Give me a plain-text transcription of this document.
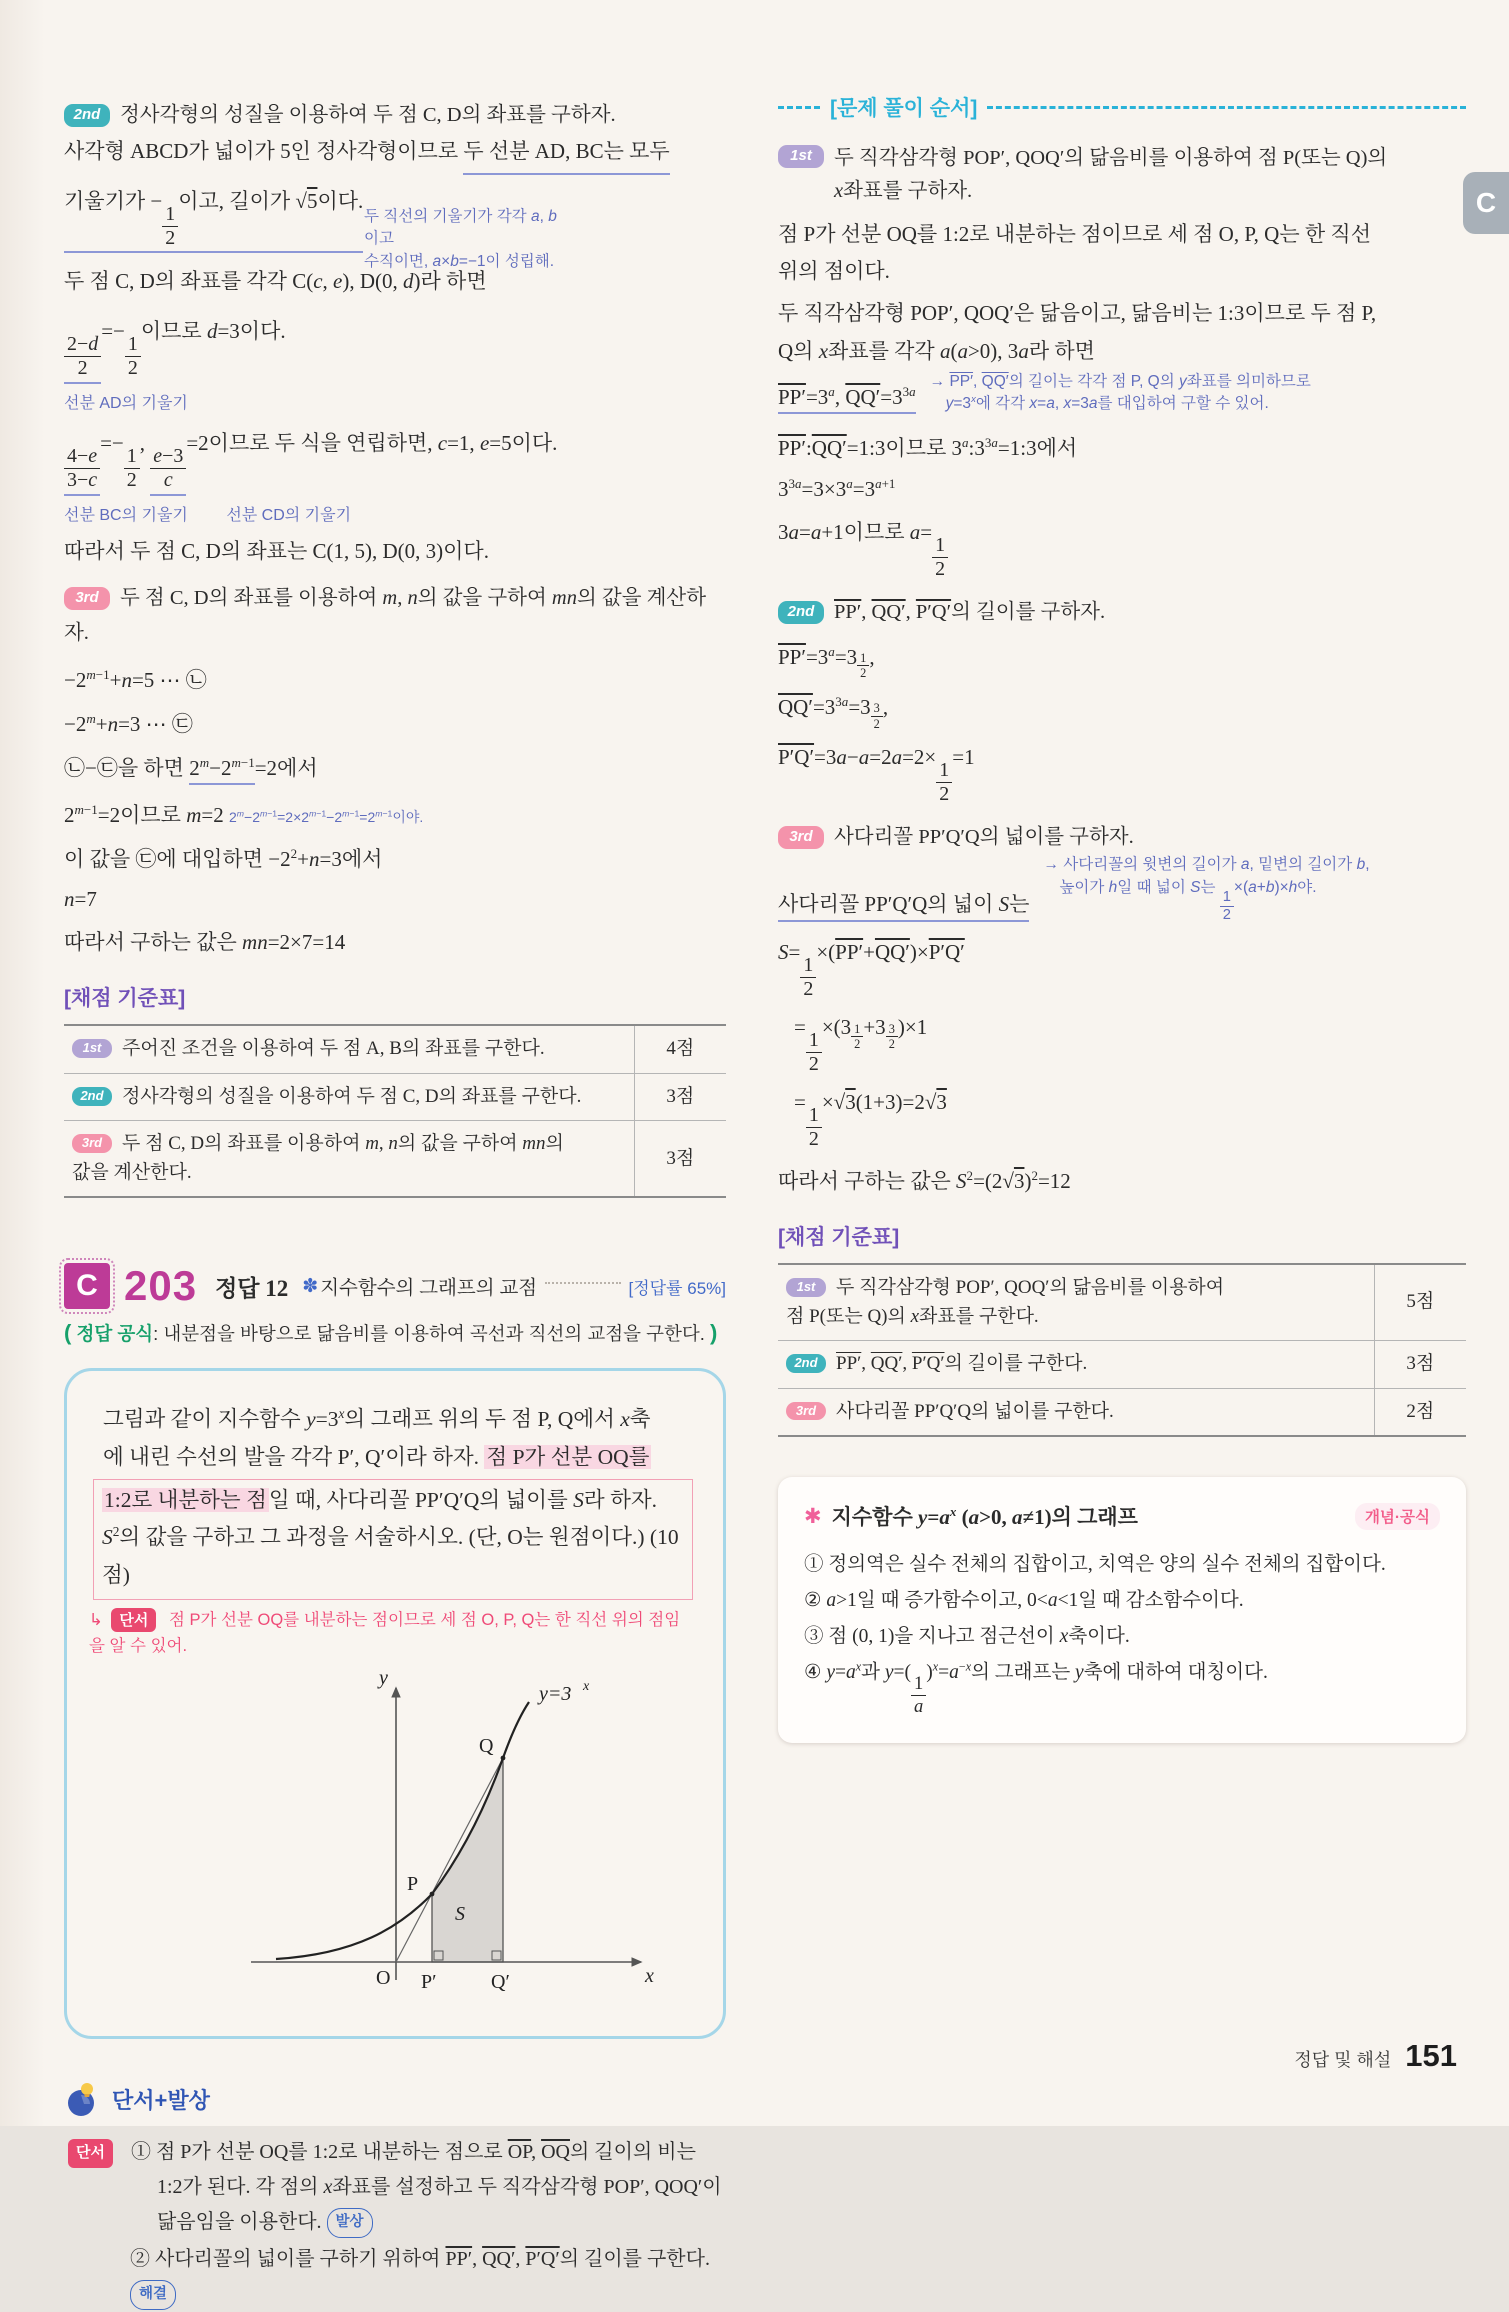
2nd 정사각형의 성질을 이용하여 두 점 C, D의 좌표를 구하자.
사각형 ABCD가 넓이가 5인 정사각형이므로 두 선분 AD, BC는 모두
기울기가 −
$\frac{1}{2}$
이고, 길이가 √5이다.
두 직선의 기울기가 각각 a, b이고
수직이면, a×b=−1이 성립해.
두 점 C, D의 좌표를 각각 C(c, e), D(0, d)라 하면
$\frac{2-d}{2}$
=−
$\frac{1}{2}$
이므로 d=3이다.
선분 AD의 기울기
$\frac{4-e}{3-c}$
=−
$\frac{1}{2}$
,
$\frac{e-3}{c}$
=2이므로 두 식을 연립하면, c=1, e=5이다.
선분 BC의 기울기 선분 CD의 기울기
따라서 두 점 C, D의 좌표는 C(1, 5), D(0, 3)이다.
3rd 두 점 C, D의 좌표를 이용하여 m, n의 값을 구하여 mn의 값을 계산하자.
$-2^{m-1}+n=5$ ⋯ ㉡
$-2^m+n=3$ ⋯ ㉢
㉡−㉢을 하면 $2^m-2^{m-1}=2$에서
$2^{m-1}=2$이므로 m=2 $2^m-2^{m-1}=2\times 2^{m-1}-2^{m-1}=2^{m-1}$이야.
이 값을 ㉢에 대입하면 $-2^2+n=3$에서
n=7
따라서 구하는 값은 mn=2×7=14
[채점 기준표]
1st 주어진 조건을 이용하여 두 점 A, B의 좌표를 구한다.	4점
2nd 정사각형의 성질을 이용하여 두 점 C, D의 좌표를 구한다.	3점
3rd 두 점 C, D의 좌표를 이용하여 m, n의 값을 구하여 mn의
값을 계산한다.	3점
C 203 정답 12 ✽ 지수함수의 그래프의 교점	[정답률 65%]
( 정답 공식: 내분점을 바탕으로 닮음비를 이용하여 곡선과 직선의 교점을 구한다. )
그림과 같이 지수함수 $y=3^x$의 그래프 위의 두 점 P, Q에서 x축
에 내린 수선의 발을 각각 P′, Q′이라 하자. 점 P가 선분 OQ를
1:2로 내분하는 점일 때, 사다리꼴 PP′Q′Q의 넓이를 S라 하자.
$S^2$의 값을 구하고 그 과정을 서술하시오. (단, O는 원점이다.) (10점)
↳ 단서 점 P가 선분 OQ를 내분하는 점이므로 세 점 O, P, Q는 한 직선 위의 점임을 알 수 있어.
y
y=3 x
Q
P
S
O P′	Q′	x
단서+발상
단서	① 점 P가 선분 OQ를 1:2로 내분하는 점으로 $\overline{OP}$, $\overline{OQ}$의 길이의 비는
1:2가 된다. 각 점의 x좌표를 설정하고 두 직각삼각형 POP′, QOQ′이
닮음임을 이용한다. 발상
② 사다리꼴의 넓이를 구하기 위하여 PP′, QQ′, P′Q′의 길이를 구한다. 해결
[문제 풀이 순서]
1st	두 직각삼각형 POP′, QOQ′의 닮음비를 이용하여 점 P(또는 Q)의
x좌표를 구하자.
점 P가 선분 OQ를 1:2로 내분하는 점이므로 세 점 O, P, Q는 한 직선
위의 점이다.
두 직각삼각형 POP′, QOQ′은 닮음이고, 닮음비는 1:3이므로 두 점 P,
Q의 x좌표를 각각 a(a>0), 3a라 하면
$PP'=3^a$, $QQ'=3^{3a}$
→ PP′, QQ′의 길이는 각각 점 P, Q의 y좌표를 의미하므로
$y=3^x$에 각각 x=a, x=3a를 대입하여 구할 수 있어.
PP′:QQ′=1:3이므로 $3^a:3^{3a}=1:3$에서
$3^{3a}=3\times 3^a=3^{a+1}$
3a=a+1이므로 a=
$\frac{1}{2}$
2nd PP′, QQ′, P′Q′의 길이를 구하자.
$PP'=3^a=3$ $^{\frac{1}{2}}$ ,
$QQ'=3^{3a}=3$ $^{\frac{3}{2}}$ ,
P′Q′=3a−a=2a=2×
$\frac{1}{2}$
=1
3rd 사다리꼴 PP′Q′Q의 넓이를 구하자.
사다리꼴 PP′Q′Q의 넓이 S는
→ 사다리꼴의 윗변의 길이가 a, 밑변의 길이가 b,
높이가 h일 때 넓이 S는
$\frac{1}{2}$
×(a+b)×h야.
S=
$\frac{1}{2}$
×(PP′+QQ′)×P′Q′
=
$\frac{1}{2}$
×(3 $^{\frac{1}{2}}$ +3 $^{\frac{3}{2}}$ )×1
=
$\frac{1}{2}$
×√3(1+3)=2√3
따라서 구하는 값은 $S^2=(2√3)^2=12$
[채점 기준표]
1st 두 직각삼각형 POP′, QOQ′의 닮음비를 이용하여
점 P(또는 Q)의 x좌표를 구한다.	5점
2nd PP′, QQ′, P′Q′의 길이를 구한다.	3점
3rd 사다리꼴 PP′Q′Q의 넓이를 구한다.	2점
✱ 지수함수 $y=a^x$ (a>0, a≠1)의 그래프	개념·공식
① 정의역은 실수 전체의 집합이고, 치역은 양의 실수 전체의 집합이다.
② a>1일 때 증가함수이고, 0<a<1일 때 감소함수이다.
③ 점 (0, 1)을 지나고 점근선이 x축이다.
④ $y=a^x$과 y=(
$\frac{1}{a}$
)$^x=a^{-x}$의 그래프는 y축에 대하여 대칭이다.
C
정답 및 해설 151
